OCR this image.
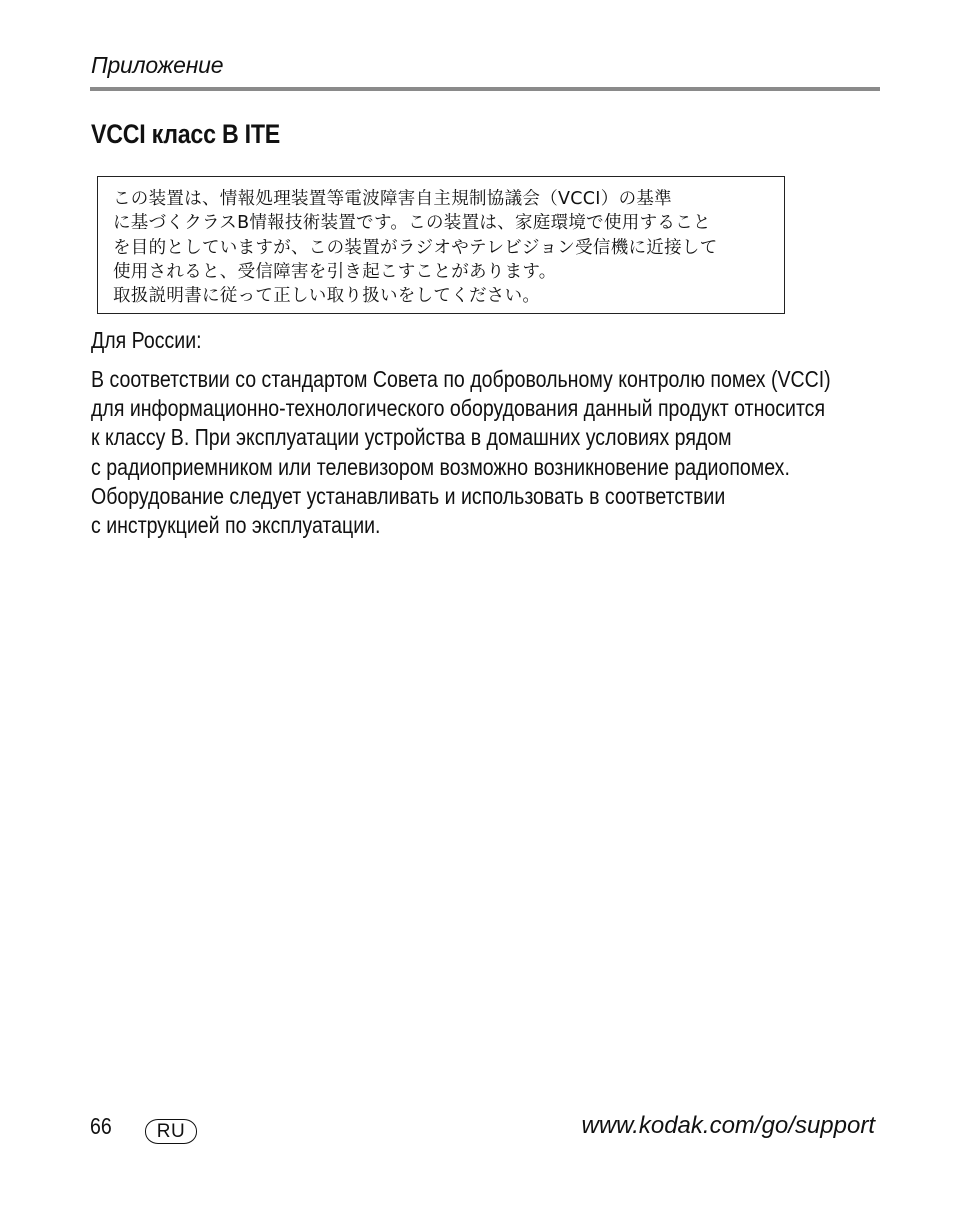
Приложение
VCCI класс B ITE
この装置は、情報処理装置等電波障害自主規制協議会（VCCI）の基準
に基づくクラスB情報技術装置です。この装置は、家庭環境で使用すること
を目的としていますが、この装置がラジオやテレビジョン受信機に近接して
使用されると、受信障害を引き起こすことがあります。
取扱説明書に従って正しい取り扱いをしてください。
Для России:
В соответствии со стандартом Совета по добровольному контролю помех (VCCI)
для информационно-технологического оборудования данный продукт относится
к классу B. При эксплуатации устройства в домашних условиях рядом
с радиоприемником или телевизором возможно возникновение радиопомех.
Оборудование следует устанавливать и использовать в соответствии
с инструкцией по эксплуатации.
66	RU	www.kodak.com/go/support
